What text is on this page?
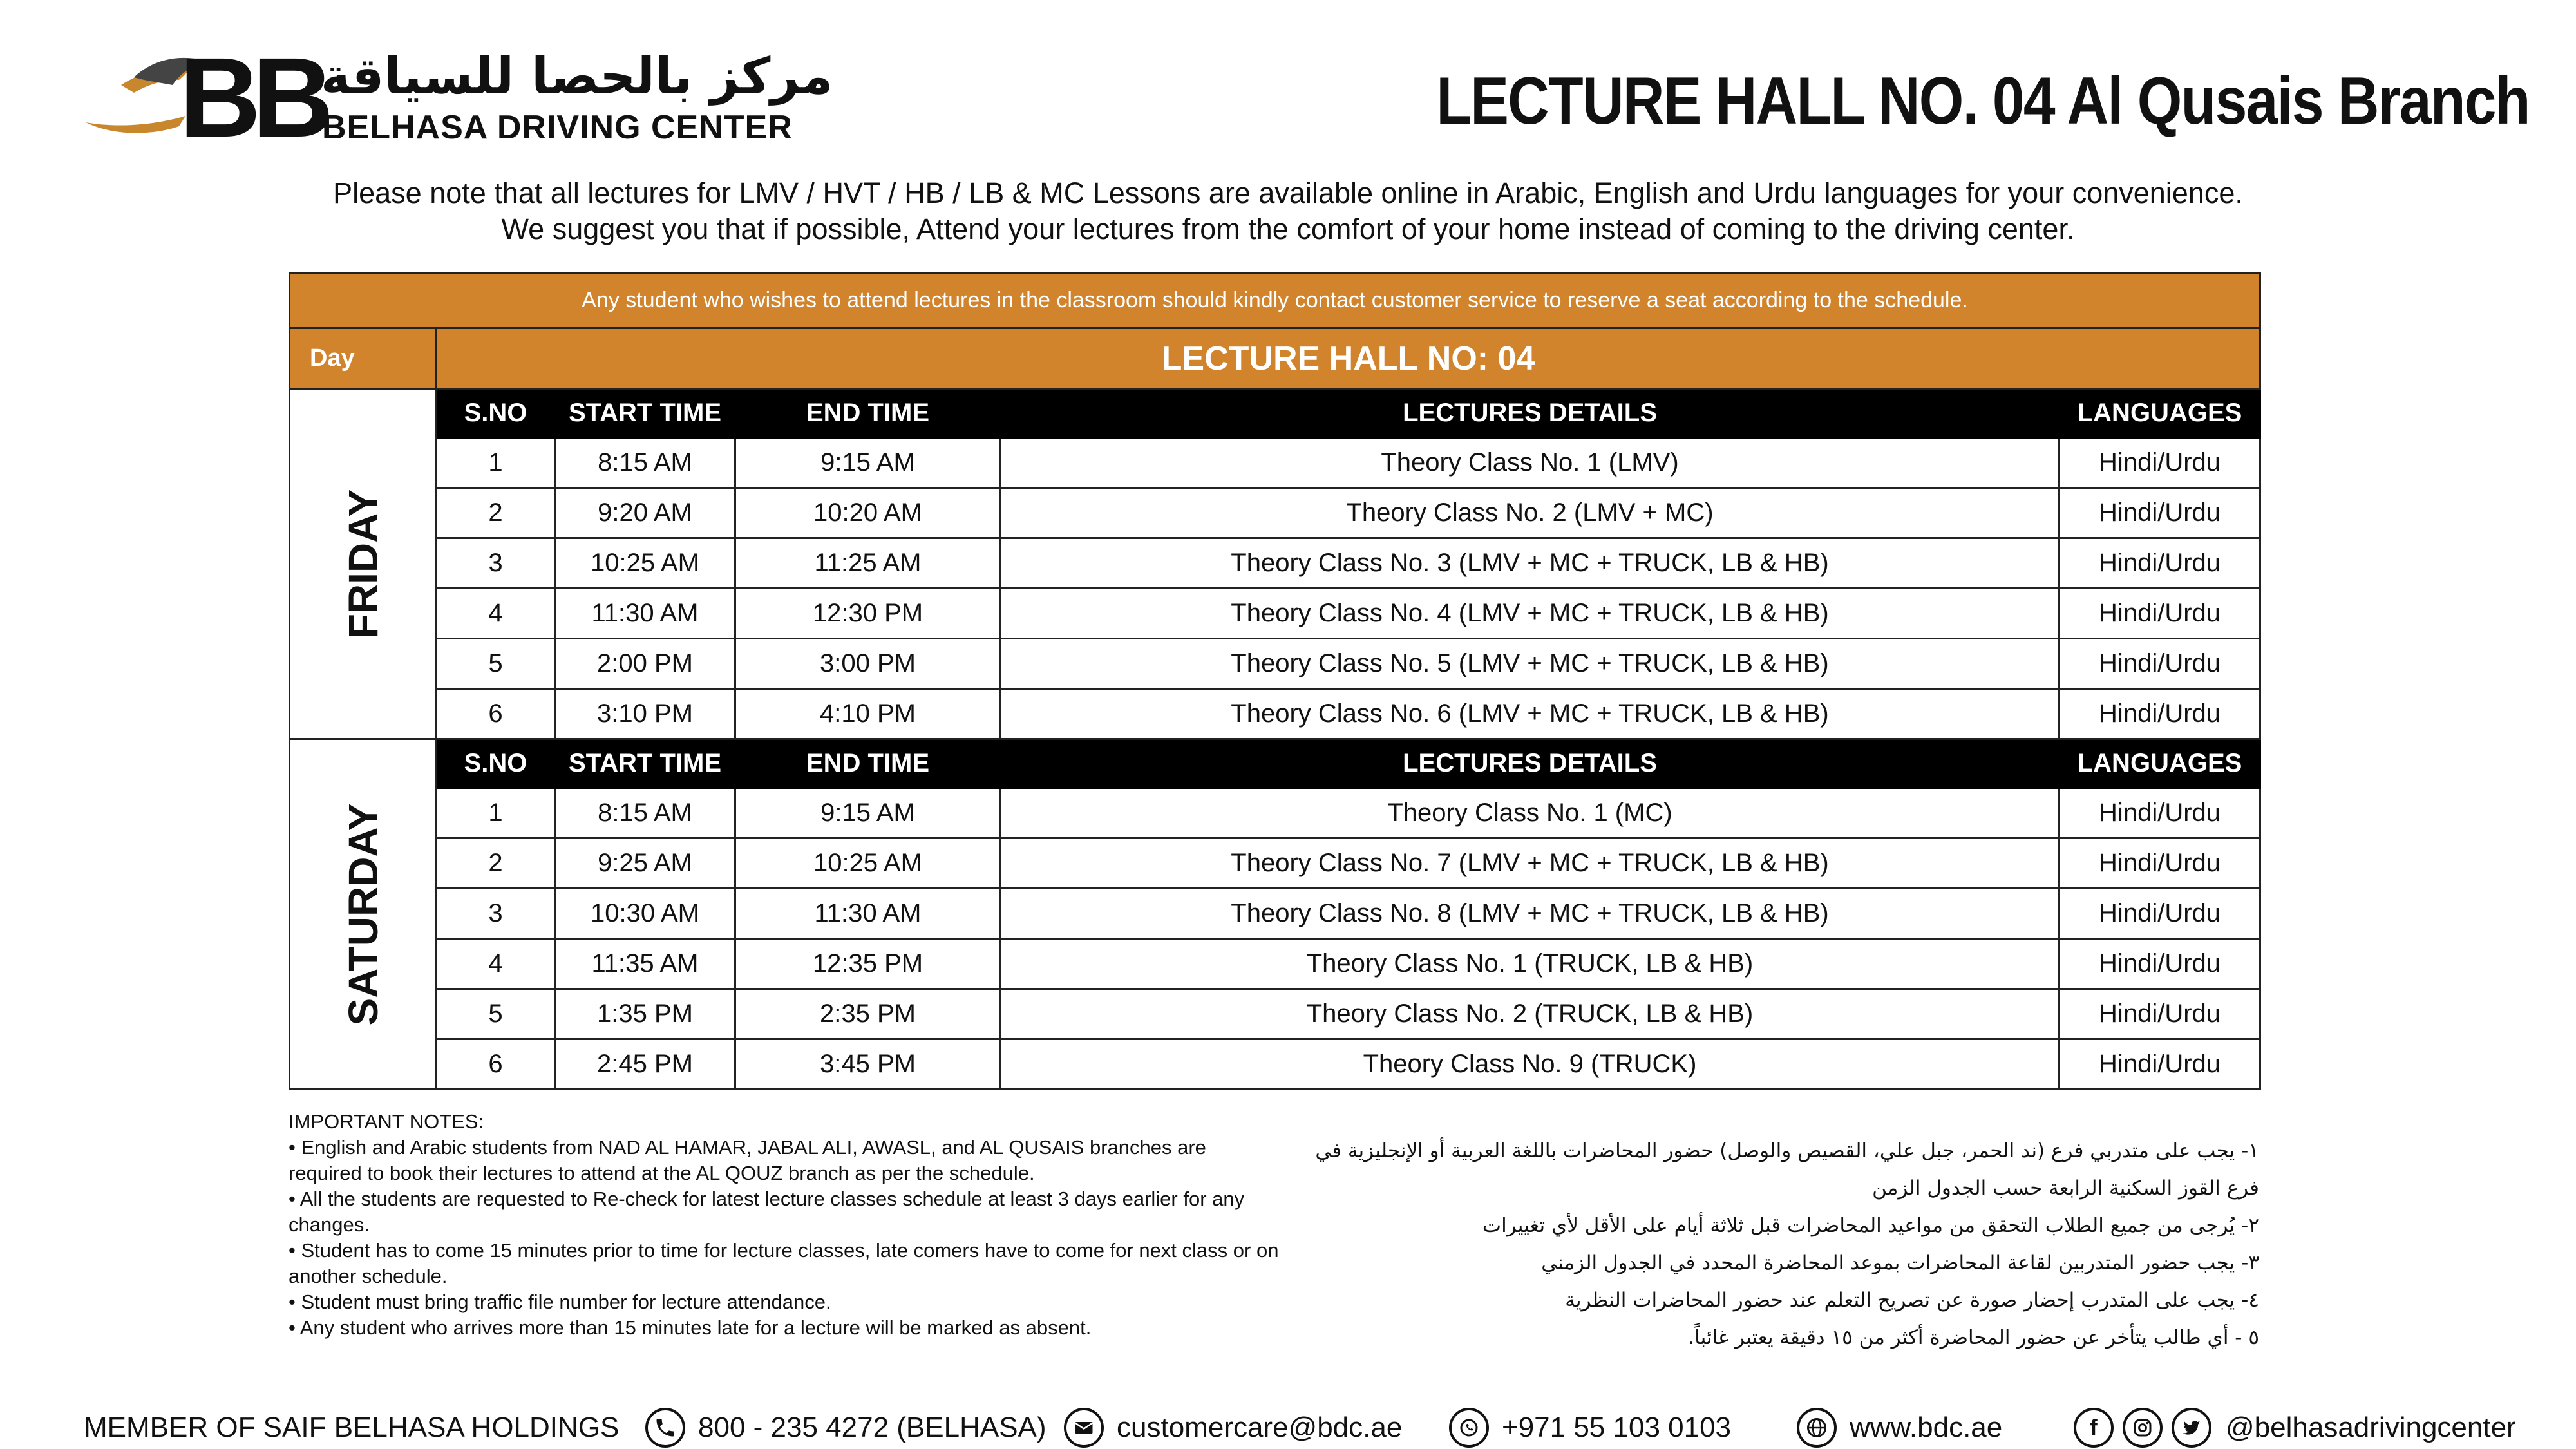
BB
مركز بالحصا للسياقة
BELHASA DRIVING CENTER	LECTURE HALL NO. 04 Al Qusais Branch
Please note that all lectures for LMV / HVT / HB / LB & MC Lessons are available online in Arabic, English and Urdu languages for your convenience.
We suggest you that if possible, Attend your lectures from the comfort of your home instead of coming to the driving center.
Any student who wishes to attend lectures in the classroom should kindly contact customer service to reserve a seat according to the schedule.					
Day	LECTURE HALL NO: 04				

FRIDAY	S.NO	START TIME	END TIME	LECTURES DETAILS	LANGUAGES
	1	8:15 AM	9:15 AM	Theory Class No. 1 (LMV)	Hindi/Urdu
	2	9:20 AM	10:20 AM	Theory Class No. 2 (LMV + MC)	Hindi/Urdu
	3	10:25 AM	11:25 AM	Theory Class No. 3 (LMV + MC + TRUCK, LB & HB)	Hindi/Urdu
	4	11:30 AM	12:30 PM	Theory Class No. 4 (LMV + MC + TRUCK, LB & HB)	Hindi/Urdu
	5	2:00 PM	3:00 PM	Theory Class No. 5 (LMV + MC + TRUCK, LB & HB)	Hindi/Urdu
	6	3:10 PM	4:10 PM	Theory Class No. 6 (LMV + MC + TRUCK, LB & HB)	Hindi/Urdu

SATURDAY	S.NO	START TIME	END TIME	LECTURES DETAILS	LANGUAGES
	1	8:15 AM	9:15 AM	Theory Class No. 1 (MC)	Hindi/Urdu
	2	9:25 AM	10:25 AM	Theory Class No. 7 (LMV + MC + TRUCK, LB & HB)	Hindi/Urdu
	3	10:30 AM	11:30 AM	Theory Class No. 8 (LMV + MC + TRUCK, LB & HB)	Hindi/Urdu
	4	11:35 AM	12:35 PM	Theory Class No. 1 (TRUCK, LB & HB)	Hindi/Urdu
	5	1:35 PM	2:35 PM	Theory Class No. 2 (TRUCK, LB & HB)	Hindi/Urdu
	6	2:45 PM	3:45 PM	Theory Class No. 9 (TRUCK)	Hindi/Urdu
IMPORTANT NOTES:
• English and Arabic students from NAD AL HAMAR, JABAL ALI, AWASL, and AL QUSAIS branches are required to book their lectures to attend at the AL QOUZ branch as per the schedule.
• All the students are requested to Re-check for latest lecture classes schedule at least 3 days earlier for any changes.
• Student has to come 15 minutes prior to time for lecture classes, late comers have to come for next class or on another schedule.
• Student must bring traffic file number for lecture attendance.
• Any student who arrives more than 15 minutes late for a lecture will be marked as absent.
١- يجب على متدربي فرع (ند الحمر، جبل علي، القصيص والوصل) حضور المحاضرات باللغة العربية أو الإنجليزية في فرع القوز السكنية الرابعة حسب الجدول الزمن
٢- يُرجى من جميع الطلاب التحقق من مواعيد المحاضرات قبل ثلاثة أيام على الأقل لأي تغييرات
٣- يجب حضور المتدربين لقاعة المحاضرات بموعد المحاضرة المحدد في الجدول الزمني
٤- يجب على المتدرب إحضار صورة عن تصريح التعلم عند حضور المحاضرات النظرية
٥ - أي طالب يتأخر عن حضور المحاضرة أكثر من ١٥ دقيقة يعتبر غائباً.
MEMBER OF SAIF BELHASA HOLDINGS	800 - 235 4272 (BELHASA) customercare@bdc.ae	+971 55 103 0103	www.bdc.ae	f	@belhasadrivingcenter
